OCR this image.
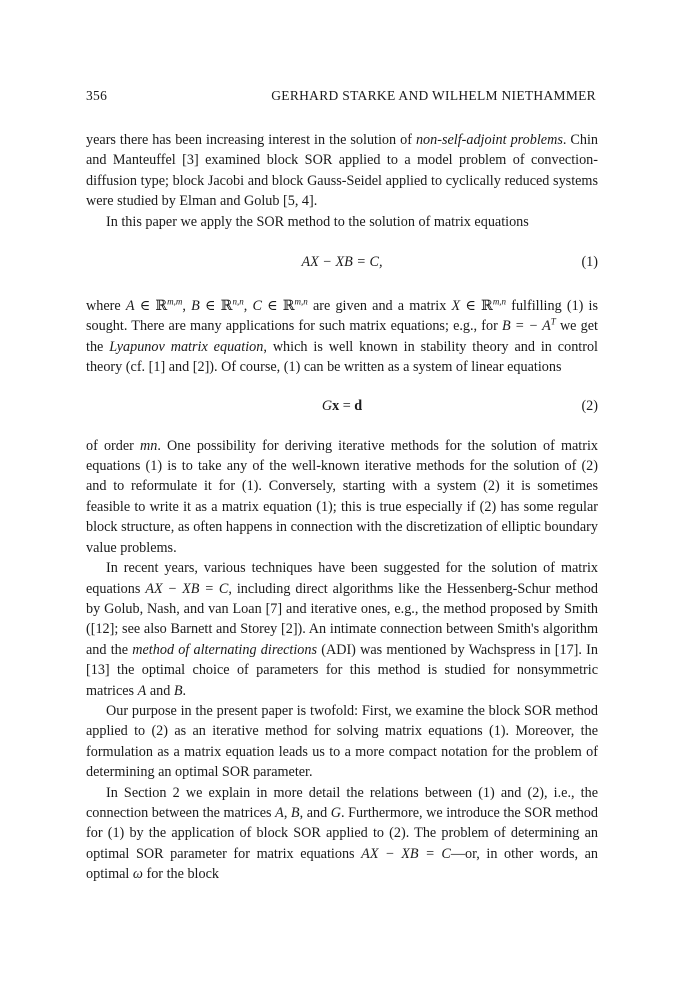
356	GERHARD STARKE AND WILHELM NIETHAMMER

years there has been increasing interest in the solution of non-self-adjoint problems. Chin and Manteuffel [3] examined block SOR applied to a model problem of convection-diffusion type; block Jacobi and block Gauss-Seidel applied to cyclically reduced systems were studied by Elman and Golub [5, 4].

In this paper we apply the SOR method to the solution of matrix equations

AX − XB = C,	(1)

where A ∈ ℝ$^{m,m}$, B ∈ ℝ$^{n,n}$, C ∈ ℝ$^{m,n}$ are given and a matrix X ∈ ℝ$^{m,n}$ fulfilling (1) is sought. There are many applications for such matrix equations; e.g., for B = − $A^T$ we get the Lyapunov matrix equation, which is well known in stability theory and in control theory (cf. [1] and [2]). Of course, (1) can be written as a system of linear equations

Gx = d	(2)

of order mn. One possibility for deriving iterative methods for the solution of matrix equations (1) is to take any of the well-known iterative methods for the solution of (2) and to reformulate it for (1). Conversely, starting with a system (2) it is sometimes feasible to write it as a matrix equation (1); this is true especially if (2) has some regular block structure, as often happens in connection with the discretization of elliptic boundary value problems.

In recent years, various techniques have been suggested for the solution of matrix equations AX − XB = C, including direct algorithms like the Hessenberg-Schur method by Golub, Nash, and van Loan [7] and iterative ones, e.g., the method proposed by Smith ([12]; see also Barnett and Storey [2]). An intimate connection between Smith's algorithm and the method of alternating directions (ADI) was mentioned by Wachspress in [17]. In [13] the optimal choice of parameters for this method is studied for nonsymmetric matrices A and B.

Our purpose in the present paper is twofold: First, we examine the block SOR method applied to (2) as an iterative method for solving matrix equations (1). Moreover, the formulation as a matrix equation leads us to a more compact notation for the problem of determining an optimal SOR parameter.

In Section 2 we explain in more detail the relations between (1) and (2), i.e., the connection between the matrices A, B, and G. Furthermore, we introduce the SOR method for (1) by the application of block SOR applied to (2). The problem of determining an optimal SOR parameter for matrix equations AX − XB = C—or, in other words, an optimal ω for the block
